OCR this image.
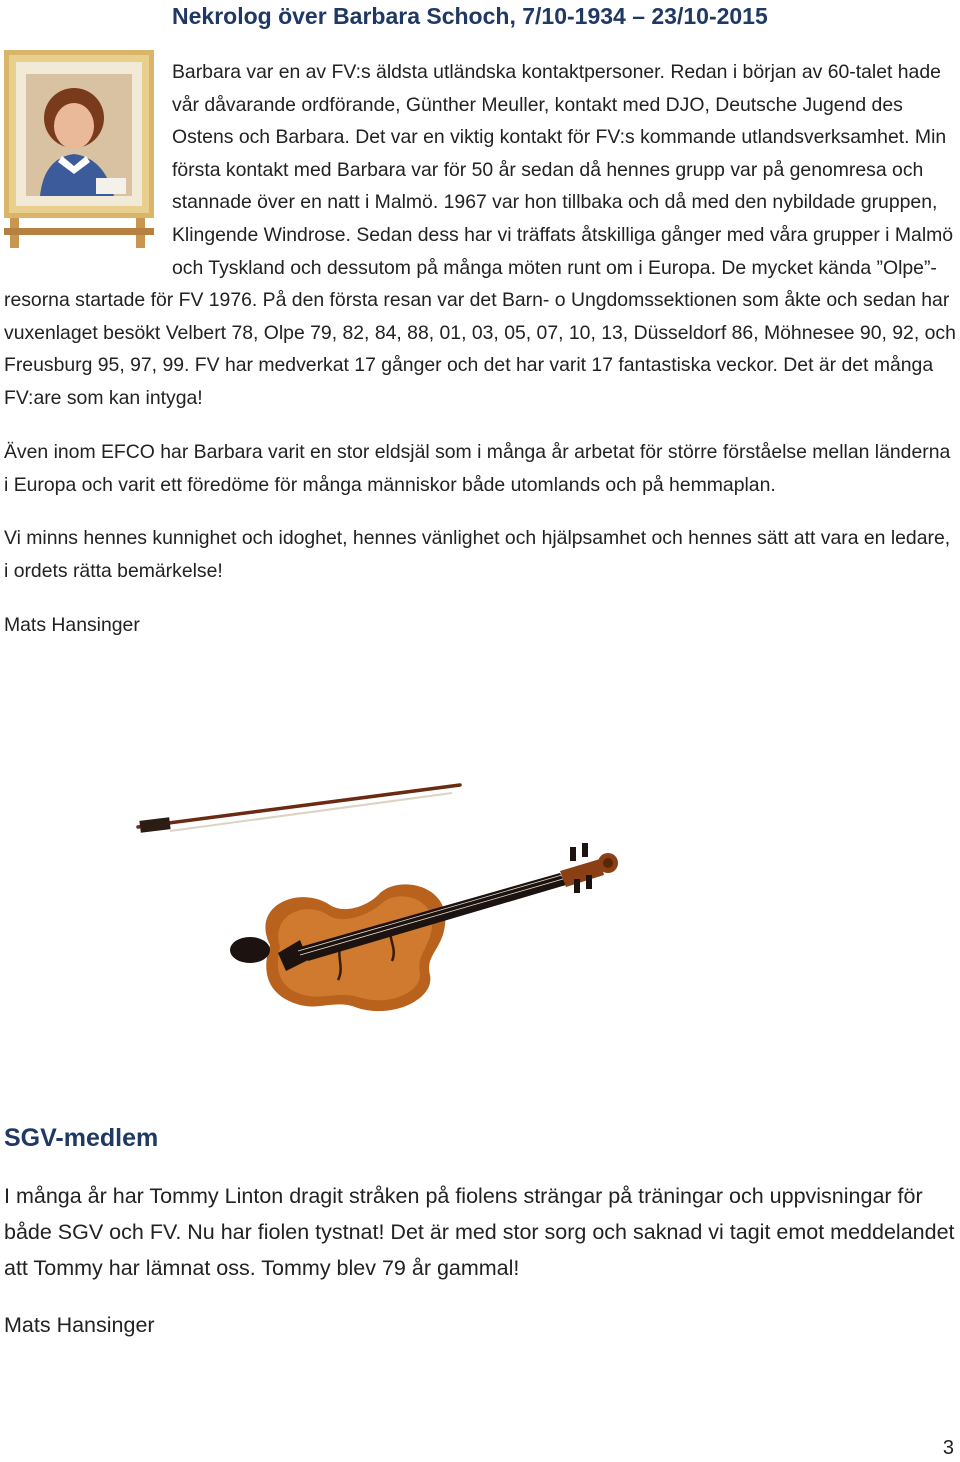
Nekrolog över Barbara Schoch, 7/10-1934 – 23/10-2015

Barbara var en av FV:s äldsta utländska kontaktpersoner. Redan i början av 60-talet hade vår dåvarande ordförande, Günther Meuller, kontakt med DJO, Deutsche Jugend des Ostens och Barbara. Det var en viktig kontakt för FV:s kommande utlandsverksamhet. Min första kontakt med Barbara var för 50 år sedan då hennes grupp var på genomresa och stannade över en natt i Malmö. 1967 var hon tillbaka och då med den nybildade gruppen, Klingende Windrose. Sedan dess har vi träffats åtskilliga gånger med våra grupper i Malmö och Tyskland och dessutom på många möten runt om i Europa. De mycket kända ”Olpe”-resorna startade för FV 1976. På den första resan var det Barn- o Ungdomssektionen som åkte och sedan har vuxenlaget besökt Velbert 78, Olpe 79, 82, 84, 88, 01, 03, 05, 07, 10, 13, Düsseldorf 86, Möhnesee 90, 92, och Freusburg 95, 97, 99. FV har medverkat 17 gånger och det har varit 17 fantastiska veckor. Det är det många FV:are som kan intyga!

Även inom EFCO har Barbara varit en stor eldsjäl som i många år arbetat för större förståelse mellan länderna i Europa och varit ett föredöme för många människor både utomlands och på hemmaplan.

Vi minns hennes kunnighet och idoghet, hennes vänlighet och hjälpsamhet och hennes sätt att vara en ledare, i ordets rätta bemärkelse!

Mats Hansinger

SGV-medlem

I många år har Tommy Linton dragit stråken på fiolens strängar på träningar och uppvisningar för både SGV och FV. Nu har fiolen tystnat! Det är med stor sorg och saknad vi tagit emot meddelandet att Tommy har lämnat oss. Tommy blev 79 år gammal!

Mats Hansinger

3
